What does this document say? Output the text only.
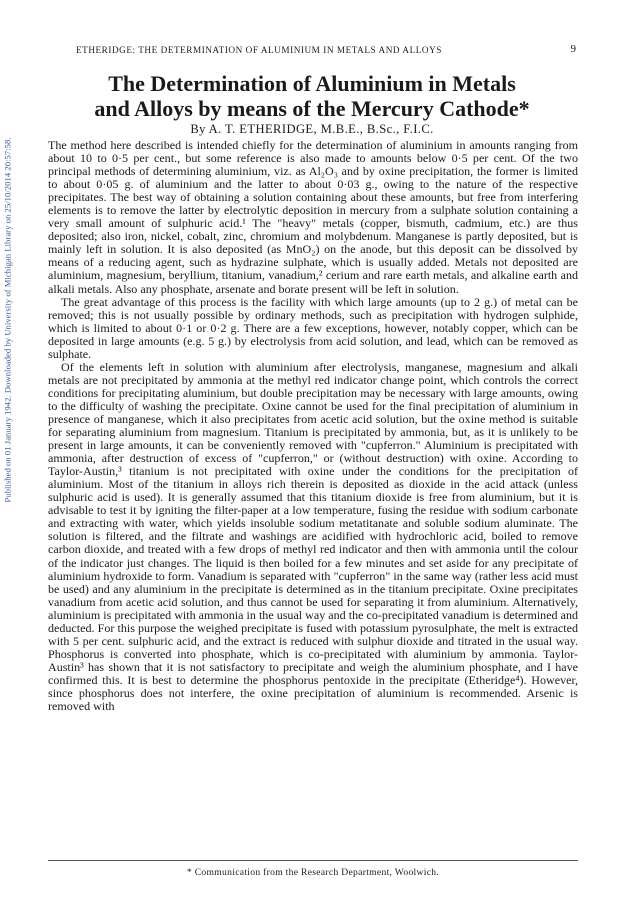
Published on 01 January 1942. Downloaded by University of Michigan Library on 25/10/2014 20:57:58.
ETHERIDGE: THE DETERMINATION OF ALUMINIUM IN METALS AND ALLOYS	9
The Determination of Aluminium in Metals
and Alloys by means of the Mercury Cathode*
By A. T. ETHERIDGE, M.B.E., B.Sc., F.I.C.

The method here described is intended chiefly for the determination of aluminium in amounts ranging from about 10 to 0·5 per cent., but some reference is also made to amounts below 0·5 per cent. Of the two principal methods of determining aluminium, viz. as Al₂O₃ and by oxine precipitation, the former is limited to about 0·05 g. of aluminium and the latter to about 0·03 g., owing to the nature of the respective precipitates. The best way of obtaining a solution containing about these amounts, but free from interfering elements is to remove the latter by electrolytic deposition in mercury from a sulphate solution containing a very small amount of sulphuric acid.¹ The "heavy" metals (copper, bismuth, cadmium, etc.) are thus deposited; also iron, nickel, cobalt, zinc, chromium and molybdenum. Manganese is partly deposited, but is mainly left in solution. It is also deposited (as MnO₂) on the anode, but this deposit can be dissolved by means of a reducing agent, such as hydrazine sulphate, which is usually added. Metals not deposited are aluminium, magnesium, beryllium, titanium, vanadium,² cerium and rare earth metals, and alkaline earth and alkali metals. Also any phosphate, arsenate and borate present will be left in solution.

The great advantage of this process is the facility with which large amounts (up to 2 g.) of metal can be removed; this is not usually possible by ordinary methods, such as precipitation with hydrogen sulphide, which is limited to about 0·1 or 0·2 g. There are a few exceptions, however, notably copper, which can be deposited in large amounts (e.g. 5 g.) by electrolysis from acid solution, and lead, which can be removed as sulphate.

Of the elements left in solution with aluminium after electrolysis, manganese, magnesium and alkali metals are not precipitated by ammonia at the methyl red indicator change point, which controls the correct conditions for precipitating aluminium, but double precipitation may be necessary with large amounts, owing to the difficulty of washing the precipitate. Oxine cannot be used for the final precipitation of aluminium in presence of manganese, which it also precipitates from acetic acid solution, but the oxine method is suitable for separating aluminium from magnesium. Titanium is precipitated by ammonia, but, as it is unlikely to be present in large amounts, it can be conveniently removed with "cupferron." Aluminium is precipitated with ammonia, after destruction of excess of "cupferron," or (without destruction) with oxine. According to Taylor-Austin,³ titanium is not precipitated with oxine under the conditions for the precipitation of aluminium. Most of the titanium in alloys rich therein is deposited as dioxide in the acid attack (unless sulphuric acid is used). It is generally assumed that this titanium dioxide is free from aluminium, but it is advisable to test it by igniting the filter-paper at a low temperature, fusing the residue with sodium carbonate and extracting with water, which yields insoluble sodium metatitanate and soluble sodium aluminate. The solution is filtered, and the filtrate and washings are acidified with hydrochloric acid, boiled to remove carbon dioxide, and treated with a few drops of methyl red indicator and then with ammonia until the colour of the indicator just changes. The liquid is then boiled for a few minutes and set aside for any precipitate of aluminium hydroxide to form. Vanadium is separated with "cupferron" in the same way (rather less acid must be used) and any aluminium in the precipitate is determined as in the titanium precipitate. Oxine precipitates vanadium from acetic acid solution, and thus cannot be used for separating it from aluminium. Alternatively, aluminium is precipitated with ammonia in the usual way and the co-precipitated vanadium is determined and deducted. For this purpose the weighed precipitate is fused with potassium pyrosulphate, the melt is extracted with 5 per cent. sulphuric acid, and the extract is reduced with sulphur dioxide and titrated in the usual way. Phosphorus is converted into phosphate, which is co-precipitated with aluminium by ammonia. Taylor-Austin³ has shown that it is not satisfactory to precipitate and weigh the aluminium phosphate, and I have confirmed this. It is best to determine the phosphorus pentoxide in the precipitate (Etheridge⁴). However, since phosphorus does not interfere, the oxine precipitation of aluminium is recommended. Arsenic is removed with

* Communication from the Research Department, Woolwich.
